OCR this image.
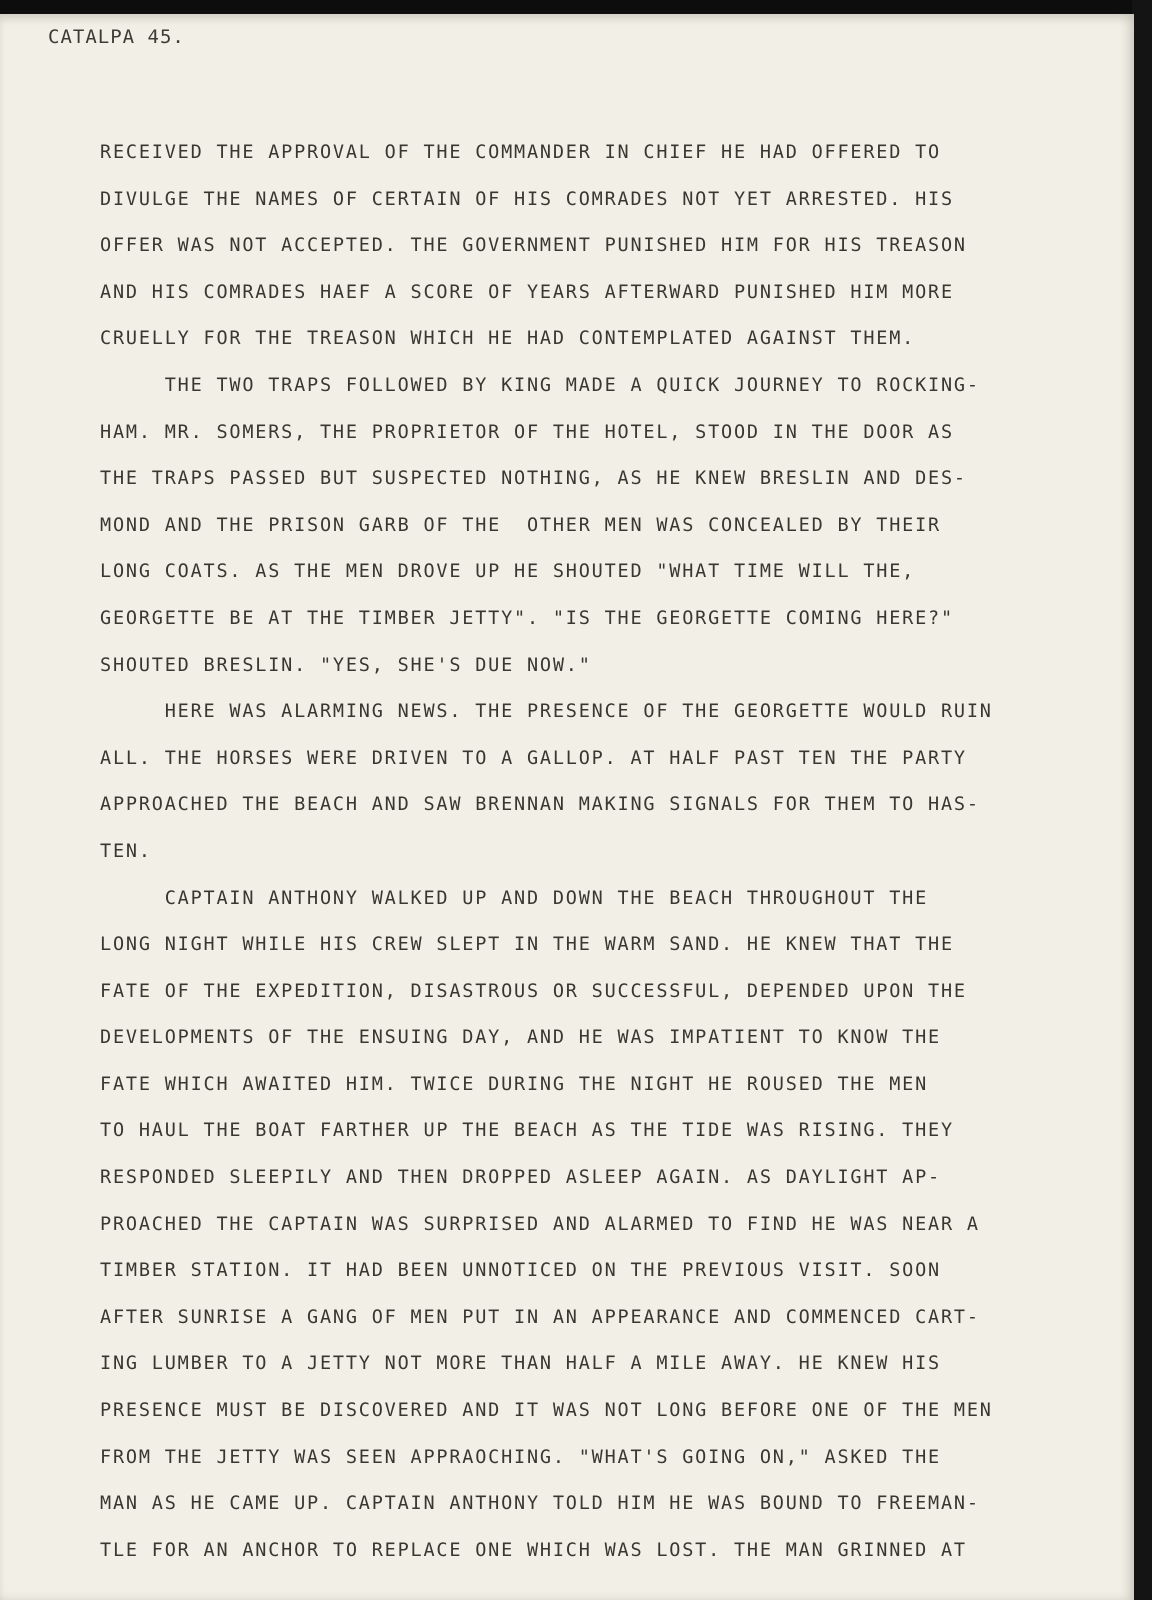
CATALPA 45.
RECEIVED THE APPROVAL OF THE COMMANDER IN CHIEF HE HAD OFFERED TO
DIVULGE THE NAMES OF CERTAIN OF HIS COMRADES NOT YET ARRESTED. HIS
OFFER WAS NOT ACCEPTED. THE GOVERNMENT PUNISHED HIM FOR HIS TREASON
AND HIS COMRADES HAEF A SCORE OF YEARS AFTERWARD PUNISHED HIM MORE
CRUELLY FOR THE TREASON WHICH HE HAD CONTEMPLATED AGAINST THEM.
THE TWO TRAPS FOLLOWED BY KING MADE A QUICK JOURNEY TO ROCKING-
HAM. MR. SOMERS, THE PROPRIETOR OF THE HOTEL, STOOD IN THE DOOR AS
THE TRAPS PASSED BUT SUSPECTED NOTHING, AS HE KNEW BRESLIN AND DES-
MOND AND THE PRISON GARB OF THE  OTHER MEN WAS CONCEALED BY THEIR
LONG COATS. AS THE MEN DROVE UP HE SHOUTED "WHAT TIME WILL THE,
GEORGETTE BE AT THE TIMBER JETTY". "IS THE GEORGETTE COMING HERE?"
SHOUTED BRESLIN. "YES, SHE'S DUE NOW."
HERE WAS ALARMING NEWS. THE PRESENCE OF THE GEORGETTE WOULD RUIN
ALL. THE HORSES WERE DRIVEN TO A GALLOP. AT HALF PAST TEN THE PARTY
APPROACHED THE BEACH AND SAW BRENNAN MAKING SIGNALS FOR THEM TO HAS-
TEN.
CAPTAIN ANTHONY WALKED UP AND DOWN THE BEACH THROUGHOUT THE
LONG NIGHT WHILE HIS CREW SLEPT IN THE WARM SAND. HE KNEW THAT THE
FATE OF THE EXPEDITION, DISASTROUS OR SUCCESSFUL, DEPENDED UPON THE
DEVELOPMENTS OF THE ENSUING DAY, AND HE WAS IMPATIENT TO KNOW THE
FATE WHICH AWAITED HIM. TWICE DURING THE NIGHT HE ROUSED THE MEN
TO HAUL THE BOAT FARTHER UP THE BEACH AS THE TIDE WAS RISING. THEY
RESPONDED SLEEPILY AND THEN DROPPED ASLEEP AGAIN. AS DAYLIGHT AP-
PROACHED THE CAPTAIN WAS SURPRISED AND ALARMED TO FIND HE WAS NEAR A
TIMBER STATION. IT HAD BEEN UNNOTICED ON THE PREVIOUS VISIT. SOON
AFTER SUNRISE A GANG OF MEN PUT IN AN APPEARANCE AND COMMENCED CART-
ING LUMBER TO A JETTY NOT MORE THAN HALF A MILE AWAY. HE KNEW HIS
PRESENCE MUST BE DISCOVERED AND IT WAS NOT LONG BEFORE ONE OF THE MEN
FROM THE JETTY WAS SEEN APPRAOCHING. "WHAT'S GOING ON," ASKED THE
MAN AS HE CAME UP. CAPTAIN ANTHONY TOLD HIM HE WAS BOUND TO FREEMAN-
TLE FOR AN ANCHOR TO REPLACE ONE WHICH WAS LOST. THE MAN GRINNED AT
